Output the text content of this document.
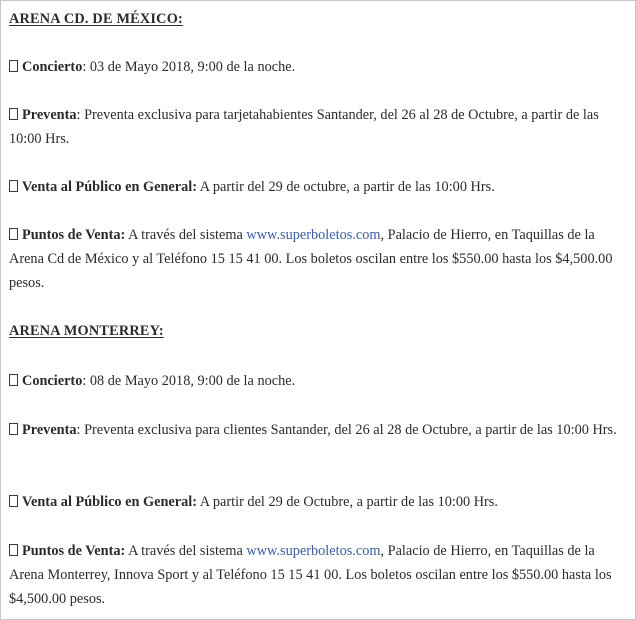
ARENA CD. DE MÉXICO:

Concierto: 03 de Mayo 2018, 9:00 de la noche.

Preventa: Preventa exclusiva para tarjetahabientes Santander, del 26 al 28 de Octubre, a partir de las 10:00 Hrs.

Venta al Público en General: A partir del 29 de octubre, a partir de las 10:00 Hrs.

Puntos de Venta: A través del sistema www.superboletos.com, Palacio de Hierro, en Taquillas de la Arena Cd de México y al Teléfono 15 15 41 00. Los boletos oscilan entre los $550.00 hasta los $4,500.00 pesos.

ARENA MONTERREY:

Concierto: 08 de Mayo 2018, 9:00 de la noche.

Preventa: Preventa exclusiva para clientes Santander, del 26 al 28 de Octubre, a partir de las 10:00 Hrs.

Venta al Público en General: A partir del 29 de Octubre, a partir de las 10:00 Hrs.

Puntos de Venta: A través del sistema www.superboletos.com, Palacio de Hierro, en Taquillas de la Arena Monterrey, Innova Sport y al Teléfono 15 15 41 00. Los boletos oscilan entre los $550.00 hasta los $4,500.00 pesos.
